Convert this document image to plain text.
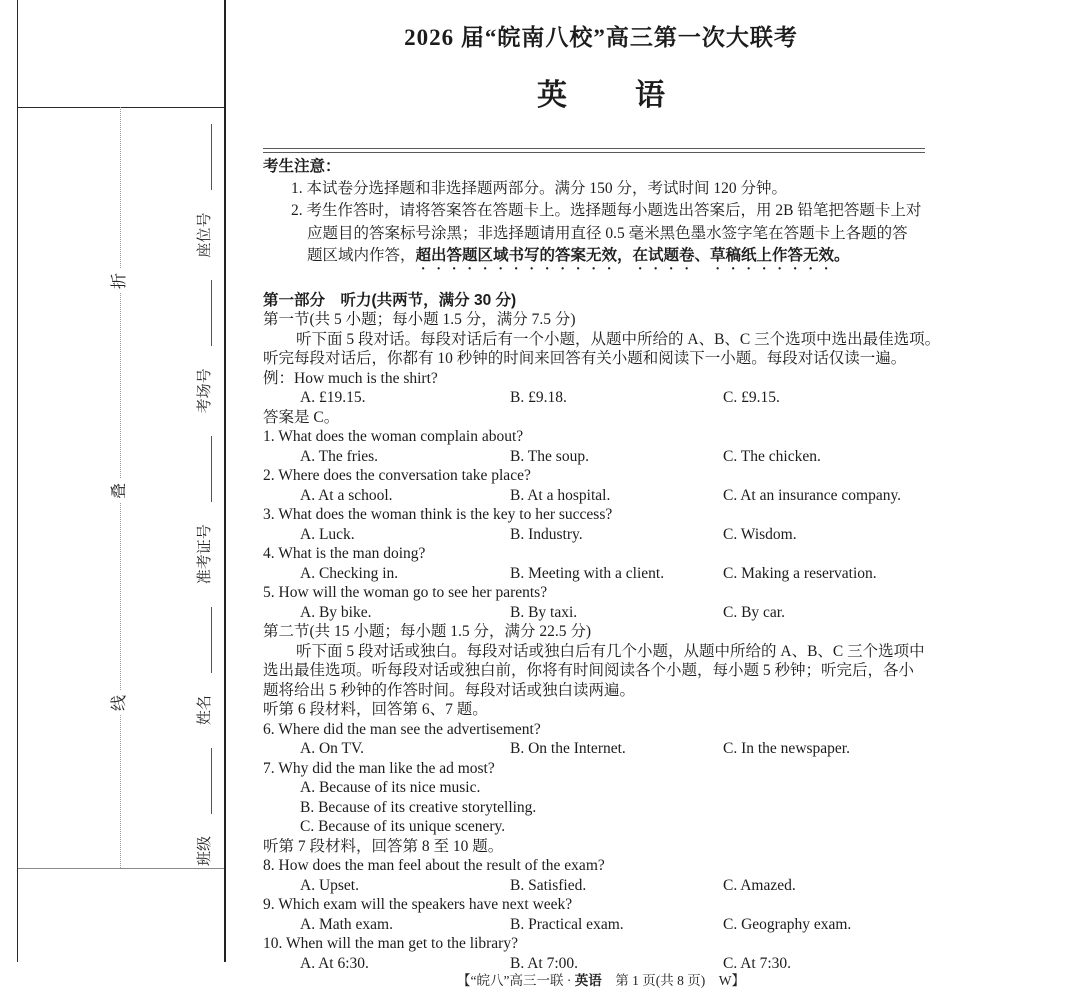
折
叠
线
班级
姓名
准考证号
考场号
座位号
2026 届“皖南八校”高三第一次大联考
英 语
考生注意：
1. 本试卷分选择题和非选择题两部分。满分 150 分，考试时间 120 分钟。
2. 考生作答时，请将答案答在答题卡上。选择题每小题选出答案后，用 2B 铅笔把答题卡上对
应题目的答案标号涂黑；非选择题请用直径 0.5 毫米黑色墨水签字笔在答题卡上各题的答
题区域内作答，超出答题区域书写的答案无效，在试题卷、草稿纸上作答无效。
第一部分　听力(共两节，满分 30 分)
第一节(共 5 小题；每小题 1.5 分，满分 7.5 分)
听下面 5 段对话。每段对话后有一个小题，从题中所给的 A、B、C 三个选项中选出最佳选项。
听完每段对话后，你都有 10 秒钟的时间来回答有关小题和阅读下一小题。每段对话仅读一遍。
例：How much is the shirt?
A. £19.15.	B. £9.18.	C. £9.15.
答案是 C。
1. What does the woman complain about?
A. The fries.	B. The soup.	C. The chicken.
2. Where does the conversation take place?
A. At a school.	B. At a hospital.	C. At an insurance company.
3. What does the woman think is the key to her success?
A. Luck.	B. Industry.	C. Wisdom.
4. What is the man doing?
A. Checking in.	B. Meeting with a client.	C. Making a reservation.
5. How will the woman go to see her parents?
A. By bike.	B. By taxi.	C. By car.
第二节(共 15 小题；每小题 1.5 分，满分 22.5 分)
听下面 5 段对话或独白。每段对话或独白后有几个小题，从题中所给的 A、B、C 三个选项中
选出最佳选项。听每段对话或独白前，你将有时间阅读各个小题，每小题 5 秒钟；听完后，各小
题将给出 5 秒钟的作答时间。每段对话或独白读两遍。
听第 6 段材料，回答第 6、7 题。
6. Where did the man see the advertisement?
A. On TV.	B. On the Internet.	C. In the newspaper.
7. Why did the man like the ad most?
A. Because of its nice music.
B. Because of its creative storytelling.
C. Because of its unique scenery.
听第 7 段材料，回答第 8 至 10 题。
8. How does the man feel about the result of the exam?
A. Upset.	B. Satisfied.	C. Amazed.
9. Which exam will the speakers have next week?
A. Math exam.	B. Practical exam.	C. Geography exam.
10. When will the man get to the library?
A. At 6:30.	B. At 7:00.	C. At 7:30.
【“皖八”高三一联 · 英语　第 1 页(共 8 页)　W】
